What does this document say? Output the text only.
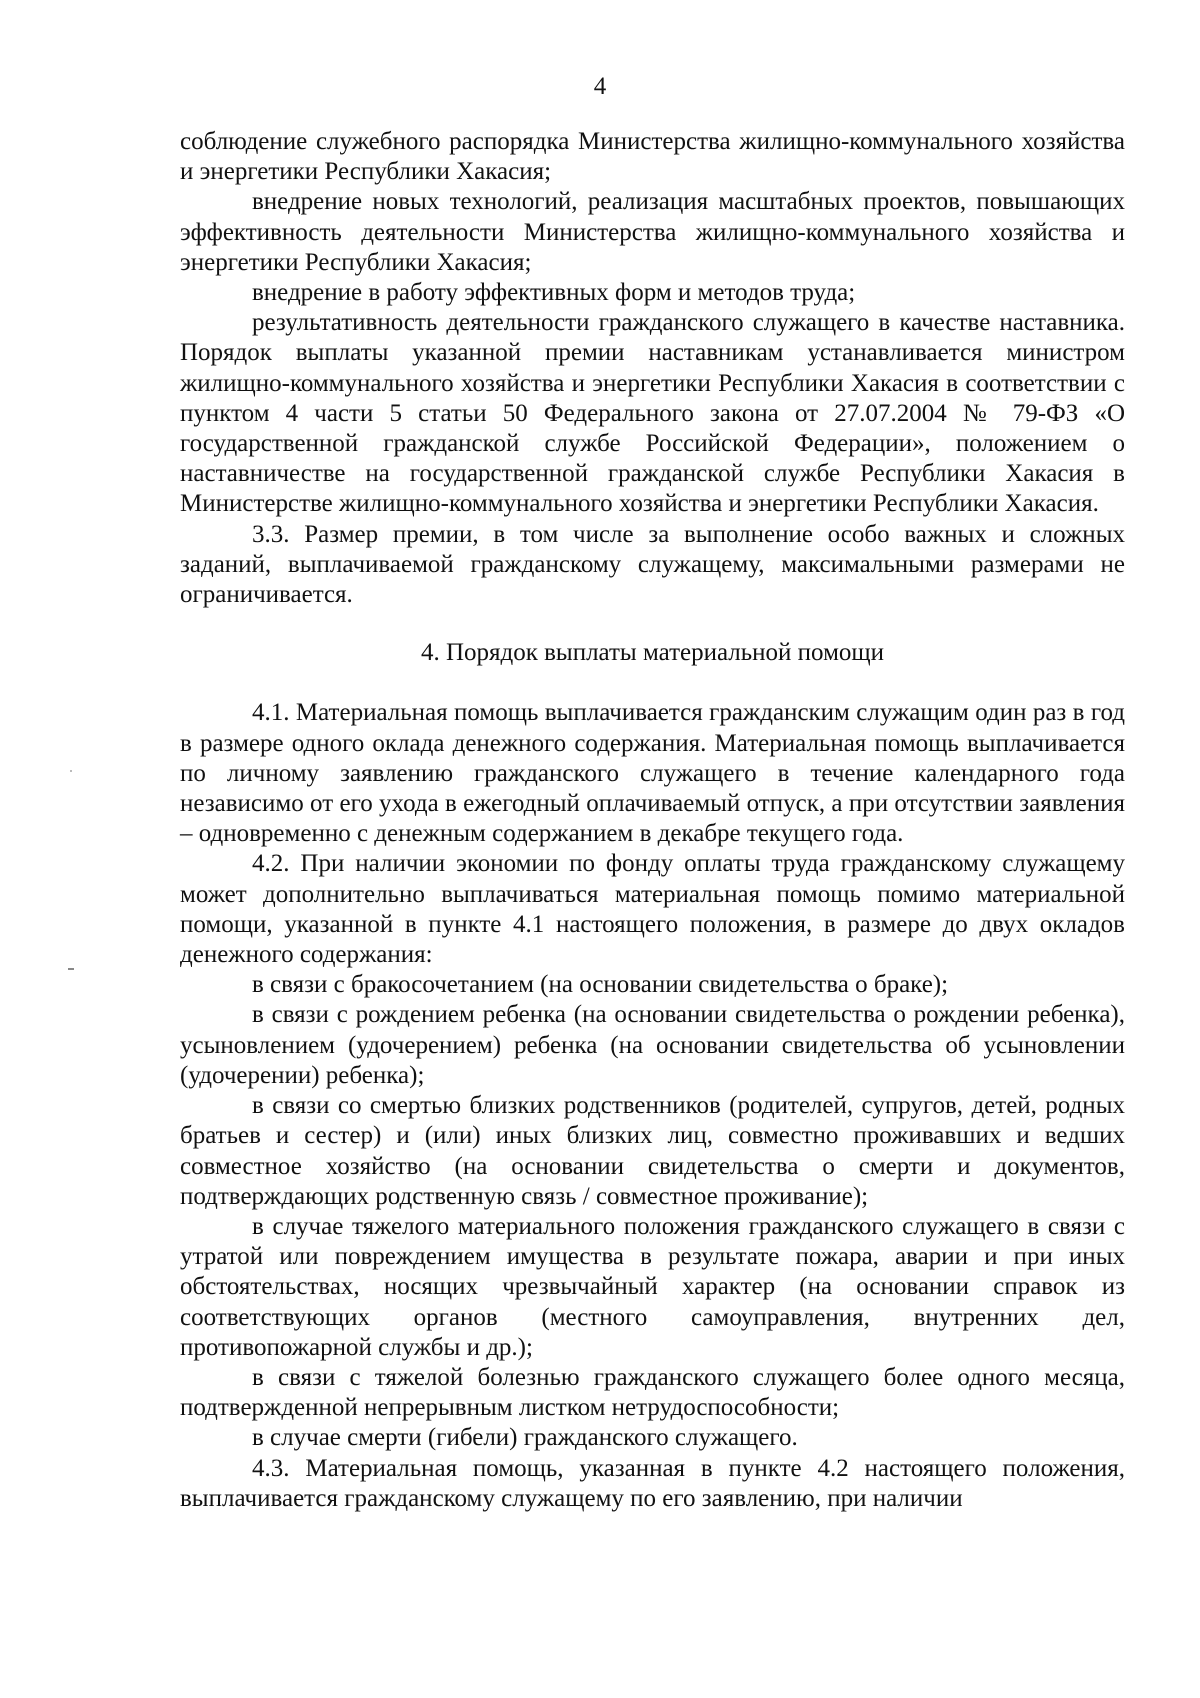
4

соблюдение служебного распорядка Министерства жилищно-коммунального хозяйства и энергетики Республики Хакасия;

внедрение новых технологий, реализация масштабных проектов, повышающих эффективность деятельности Министерства жилищно-коммунального хозяйства и энергетики Республики Хакасия;

внедрение в работу эффективных форм и методов труда;

результативность деятельности гражданского служащего в качестве наставника. Порядок выплаты указанной премии наставникам устанавливается министром жилищно-коммунального хозяйства и энергетики Республики Хакасия в соответствии с пунктом 4 части 5 статьи 50 Федерального закона от 27.07.2004 № 79-ФЗ «О государственной гражданской службе Российской Федерации», положением о наставничестве на государственной гражданской службе Республики Хакасия в Министерстве жилищно-коммунального хозяйства и энергетики Республики Хакасия.

3.3. Размер премии, в том числе за выполнение особо важных и сложных заданий, выплачиваемой гражданскому служащему, максимальными размерами не ограничивается.

4. Порядок выплаты материальной помощи

4.1. Материальная помощь выплачивается гражданским служащим один раз в год в размере одного оклада денежного содержания. Материальная помощь выплачивается по личному заявлению гражданского служащего в течение календарного года независимо от его ухода в ежегодный оплачиваемый отпуск, а при отсутствии заявления – одновременно с денежным содержанием в декабре текущего года.

4.2. При наличии экономии по фонду оплаты труда гражданскому служащему может дополнительно выплачиваться материальная помощь помимо материальной помощи, указанной в пункте 4.1 настоящего положения, в размере до двух окладов денежного содержания:

в связи с бракосочетанием (на основании свидетельства о браке);

в связи с рождением ребенка (на основании свидетельства о рождении ребенка), усыновлением (удочерением) ребенка (на основании свидетельства об усыновлении (удочерении) ребенка);

в связи со смертью близких родственников (родителей, супругов, детей, родных братьев и сестер) и (или) иных близких лиц, совместно проживавших и ведших совместное хозяйство (на основании свидетельства о смерти и документов, подтверждающих родственную связь / совместное проживание);

в случае тяжелого материального положения гражданского служащего в связи с утратой или повреждением имущества в результате пожара, аварии и при иных обстоятельствах, носящих чрезвычайный характер (на основании справок из соответствующих органов (местного самоуправления, внутренних дел, противопожарной службы и др.);

в связи с тяжелой болезнью гражданского служащего более одного месяца, подтвержденной непрерывным листком нетрудоспособности;

в случае смерти (гибели) гражданского служащего.

4.3. Материальная помощь, указанная в пункте 4.2 настоящего положения, выплачивается гражданскому служащему по его заявлению, при наличии
